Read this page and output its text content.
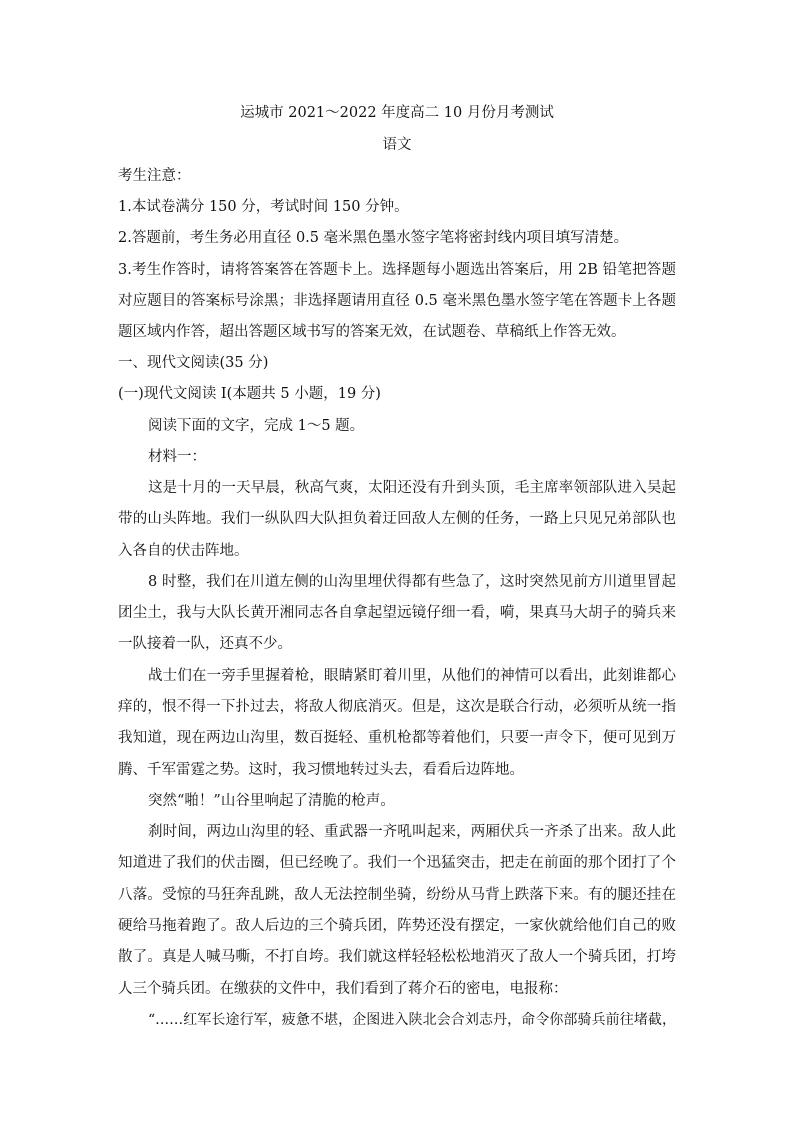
运城市 2021～2022 年度高二 10 月份月考测试
语文
考生注意：
1.本试卷满分 150 分，考试时间 150 分钟。
2.答题前，考生务必用直径 0.5 毫米黑色墨水签字笔将密封线内项目填写清楚。
3.考生作答时，请将答案答在答题卡上。选择题每小题选出答案后，用 2B 铅笔把答题
对应题目的答案标号涂黑；非选择题请用直径 0.5 毫米黑色墨水签字笔在答题卡上各题
题区域内作答，超出答题区域书写的答案无效，在试题卷、草稿纸上作答无效。
一、现代文阅读(35 分)
(一)现代文阅读 I(本题共 5 小题，19 分)
阅读下面的文字，完成 1～5 题。
材料一：
这是十月的一天早晨，秋高气爽，太阳还没有升到头顶，毛主席率领部队进入吴起
带的山头阵地。我们一纵队四大队担负着迂回敌人左侧的任务，一路上只见兄弟部队也
入各自的伏击阵地。
8 时整，我们在川道左侧的山沟里埋伏得都有些急了，这时突然见前方川道里冒起
团尘土，我与大队长黄开湘同志各自拿起望远镜仔细一看，嗬，果真马大胡子的骑兵来
一队接着一队，还真不少。
战士们在一旁手里握着枪，眼睛紧盯着川里，从他们的神情可以看出，此刻谁都心
痒的，恨不得一下扑过去，将敌人彻底消灭。但是，这次是联合行动，必须听从统一指
我知道，现在两边山沟里，数百挺轻、重机枪都等着他们，只要一声令下，便可见到万
腾、千军雷霆之势。这时，我习惯地转过头去，看看后边阵地。
突然“啪！”山谷里响起了清脆的枪声。
刹时间，两边山沟里的轻、重武器一齐吼叫起来，两厢伏兵一齐杀了出来。敌人此
知道进了我们的伏击圈，但已经晚了。我们一个迅猛突击，把走在前面的那个团打了个
八落。受惊的马狂奔乱跳，敌人无法控制坐骑，纷纷从马背上跌落下来。有的腿还挂在
硬给马拖着跑了。敌人后边的三个骑兵团，阵势还没有摆定，一家伙就给他们自己的败
散了。真是人喊马嘶，不打自垮。我们就这样轻轻松松地消灭了敌人一个骑兵团，打垮
人三个骑兵团。在缴获的文件中，我们看到了蒋介石的密电，电报称：
“……红军长途行军，疲惫不堪，企图进入陕北会合刘志丹，命令你部骑兵前往堵截，
